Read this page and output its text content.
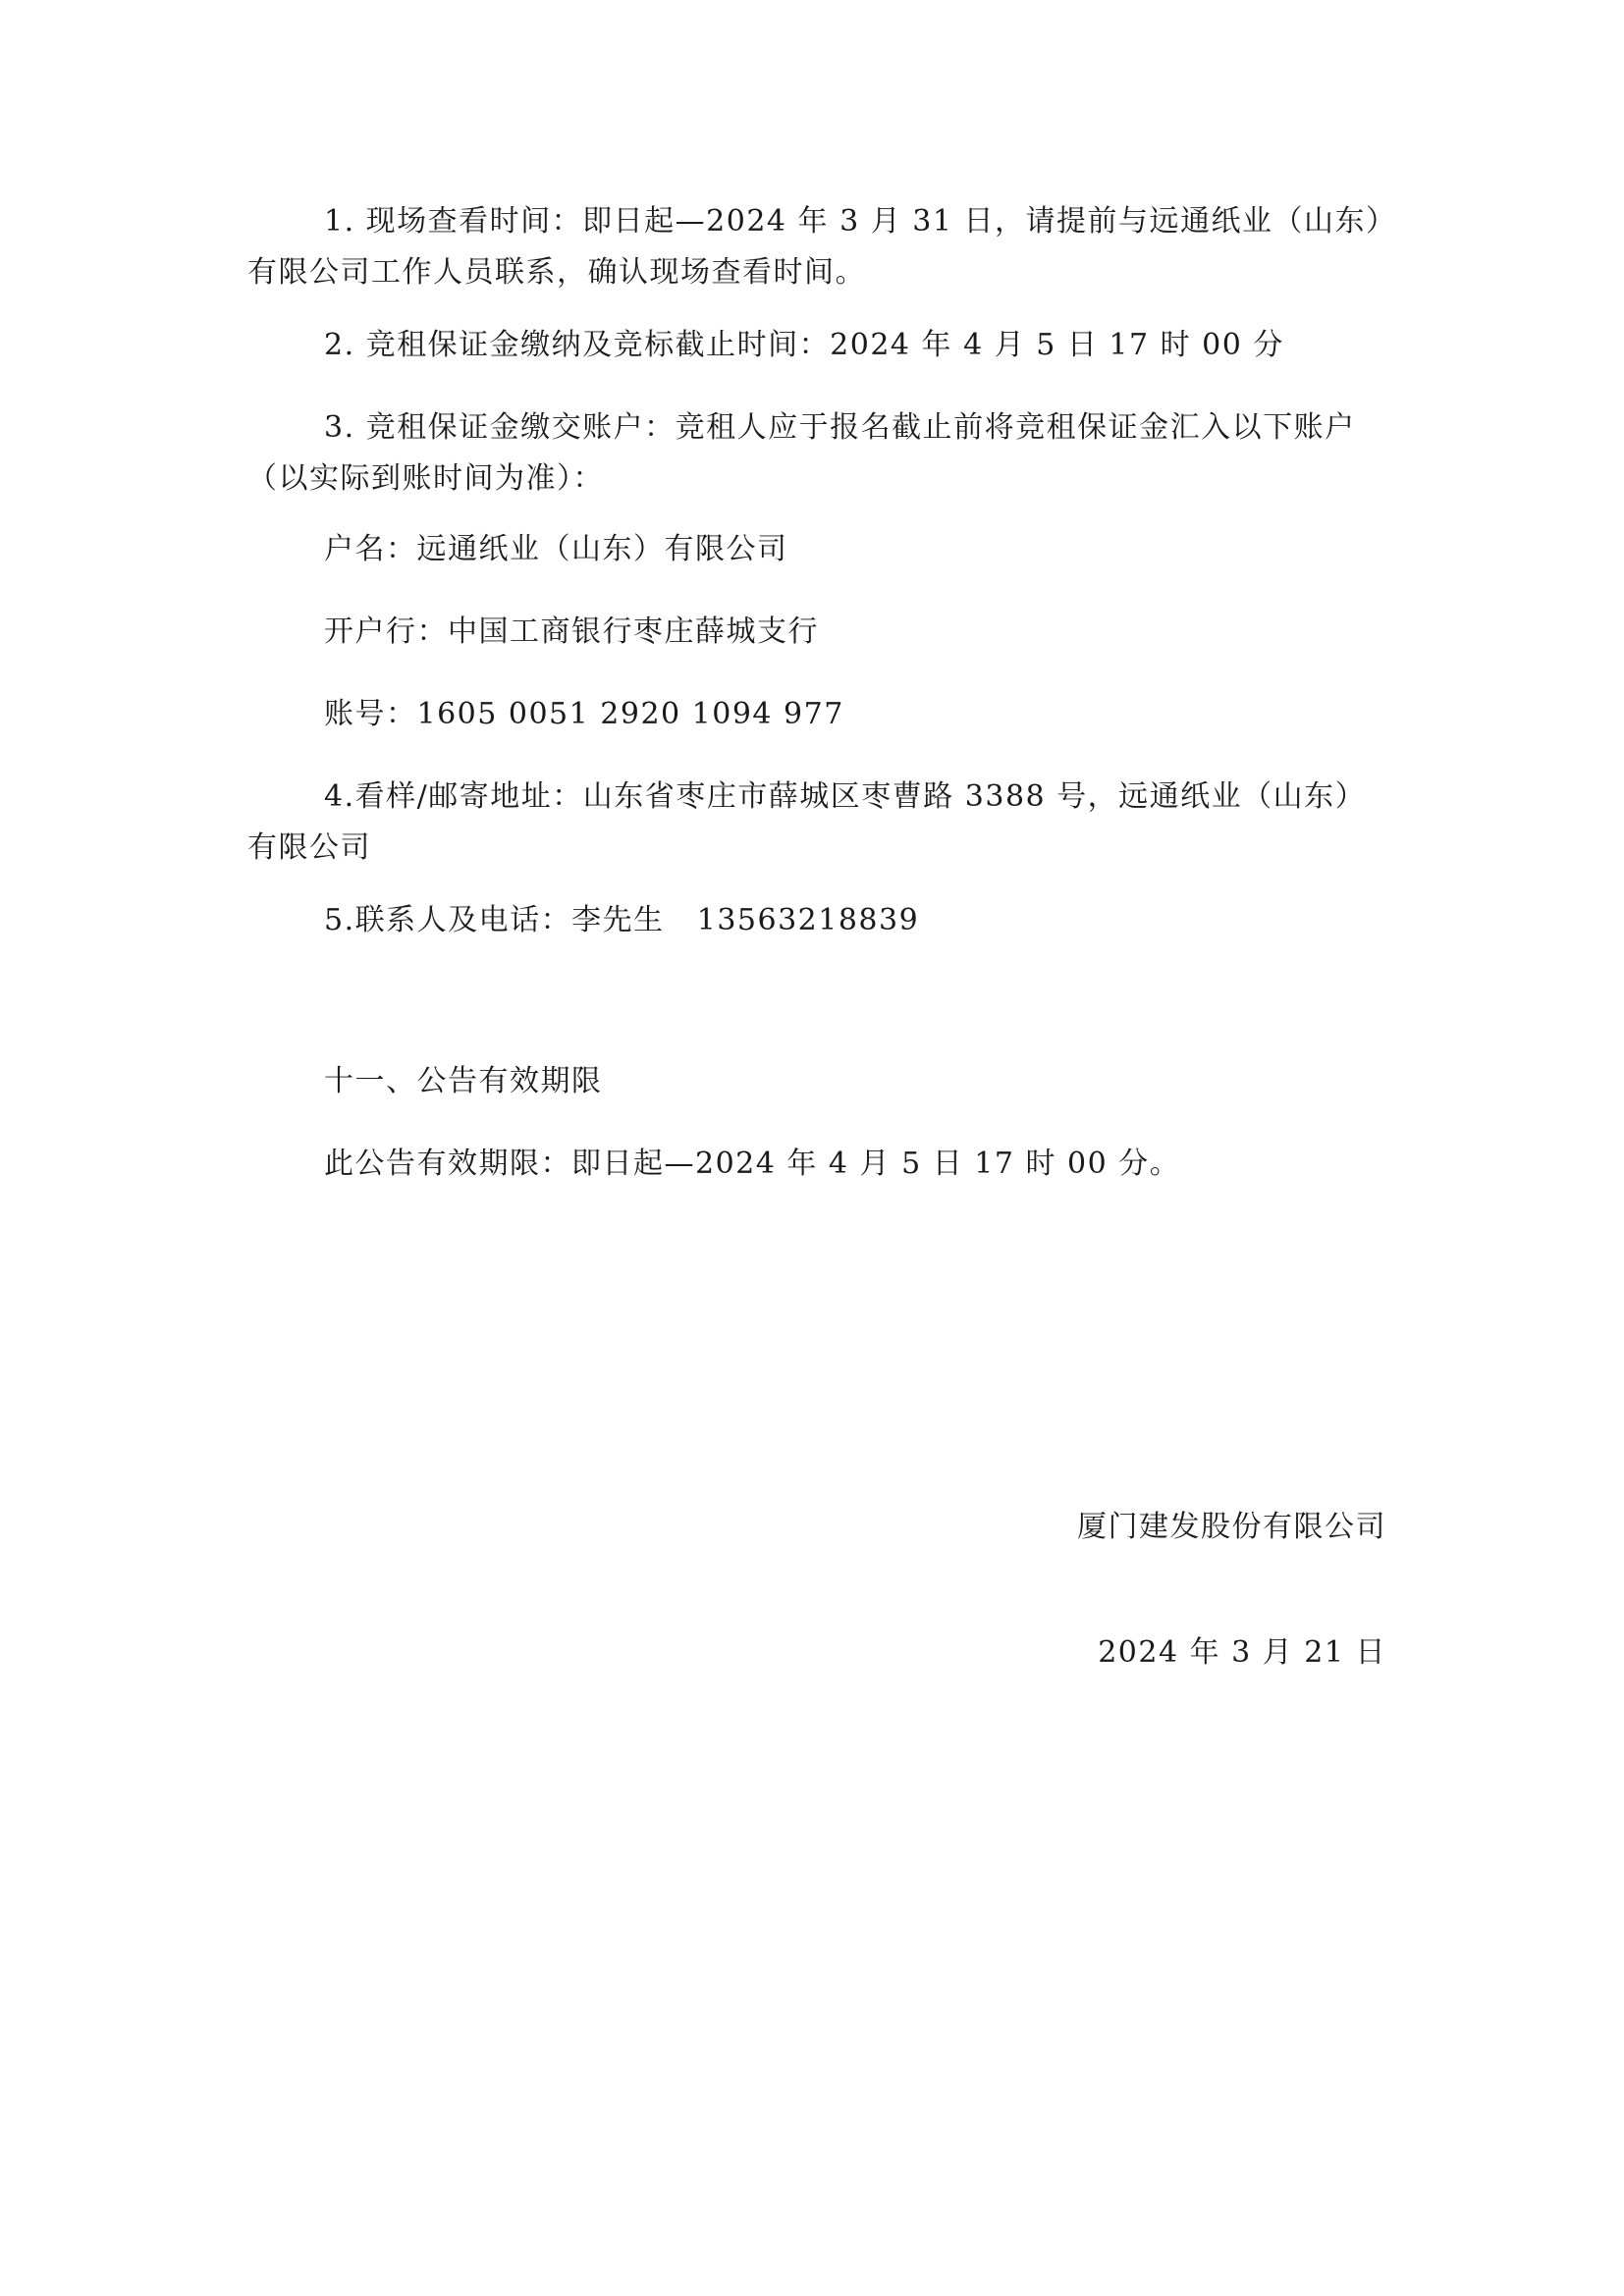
1. 现场查看时间：即日起—2024 年 3 月 31 日，请提前与远通纸业（山东）有限公司工作人员联系，确认现场查看时间。

2. 竞租保证金缴纳及竞标截止时间：2024 年 4 月 5 日 17 时 00 分

3. 竞租保证金缴交账户：竞租人应于报名截止前将竞租保证金汇入以下账户（以实际到账时间为准）：

户名：远通纸业（山东）有限公司

开户行：中国工商银行枣庄薛城支行

账号：1605 0051 2920 1094 977

4.看样/邮寄地址：山东省枣庄市薛城区枣曹路 3388 号，远通纸业（山东）有限公司

5.联系人及电话：李先生   13563218839

十一、公告有效期限

此公告有效期限：即日起—2024 年 4 月 5 日 17 时 00 分。

厦门建发股份有限公司

2024 年 3 月 21 日
